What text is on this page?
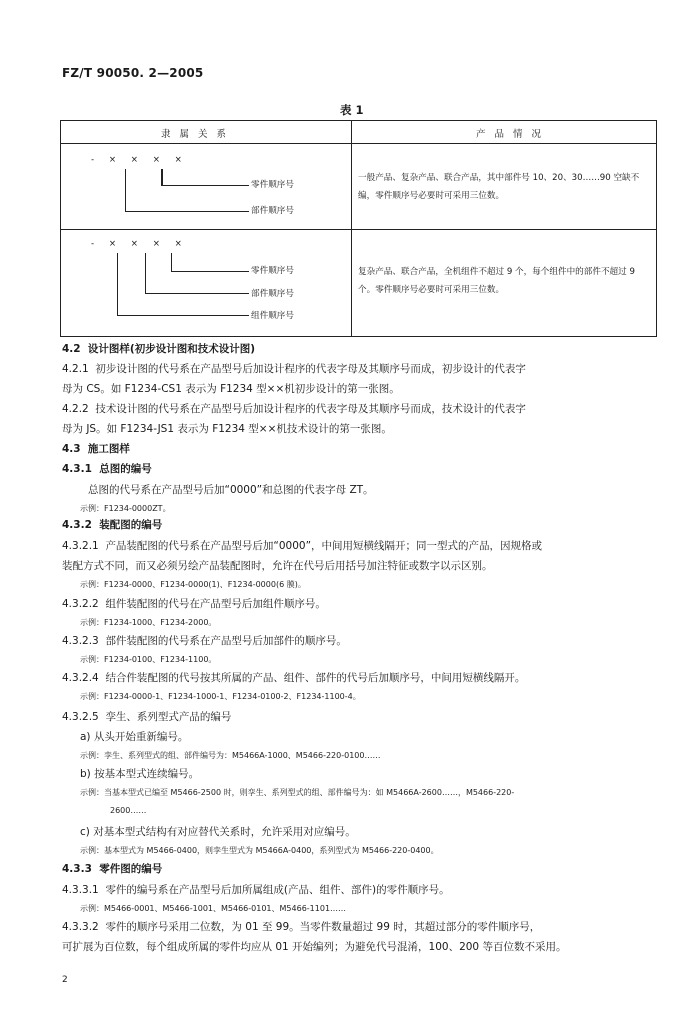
FZ/T 90050. 2—2005
表 1
隶 属 关 系	产 品 情 况
- × × × ×
零件顺序号
部件顺序号
一般产品、复杂产品、联合产品，其中部件号 10、20、30……90 空缺不编，零件顺序号必要时可采用三位数。
- × × × ×
零件顺序号
部件顺序号
组件顺序号
复杂产品、联合产品，全机组件不超过 9 个，每个组件中的部件不超过 9 个。零件顺序号必要时可采用三位数。
4.2 设计图样(初步设计图和技术设计图)
4.2.1 初步设计图的代号系在产品型号后加设计程序的代表字母及其顺序号而成，初步设计的代表字
母为 CS。如 F1234-CS1 表示为 F1234 型××机初步设计的第一张图。
4.2.2 技术设计图的代号系在产品型号后加设计程序的代表字母及其顺序号而成，技术设计的代表字
母为 JS。如 F1234-JS1 表示为 F1234 型××机技术设计的第一张图。
4.3 施工图样
4.3.1 总图的编号
总图的代号系在产品型号后加“0000”和总图的代表字母 ZT。
示例：F1234-0000ZT。
4.3.2 装配图的编号
4.3.2.1 产品装配图的代号系在产品型号后加“0000”，中间用短横线隔开；同一型式的产品，因规格或
装配方式不同，而又必须另绘产品装配图时，允许在代号后用括号加注特征或数字以示区别。
示例：F1234-0000、F1234-0000(1)、F1234-0000(6 膜)。
4.3.2.2 组件装配图的代号在产品型号后加组件顺序号。
示例：F1234-1000、F1234-2000。
4.3.2.3 部件装配图的代号系在产品型号后加部件的顺序号。
示例：F1234-0100、F1234-1100。
4.3.2.4 结合件装配图的代号按其所属的产品、组件、部件的代号后加顺序号，中间用短横线隔开。
示例：F1234-0000-1、F1234-1000-1、F1234-0100-2、F1234-1100-4。
4.3.2.5 孪生、系列型式产品的编号
a) 从头开始重新编号。
示例：孪生、系列型式的组、部件编号为：M5466A-1000、M5466-220-0100……
b) 按基本型式连续编号。
示例：当基本型式已编至 M5466-2500 时，则孪生、系列型式的组、部件编号为：如 M5466A-2600……，M5466-220-
2600……
c) 对基本型式结构有对应替代关系时，允许采用对应编号。
示例：基本型式为 M5466-0400，则孪生型式为 M5466A-0400，系列型式为 M5466-220-0400。
4.3.3 零件图的编号
4.3.3.1 零件的编号系在产品型号后加所属组成(产品、组件、部件)的零件顺序号。
示例：M5466-0001、M5466-1001、M5466-0101、M5466-1101……
4.3.3.2 零件的顺序号采用二位数，为 01 至 99。当零件数量超过 99 时，其超过部分的零件顺序号，
可扩展为百位数，每个组成所属的零件均应从 01 开始编列；为避免代号混淆，100、200 等百位数不采用。
2
